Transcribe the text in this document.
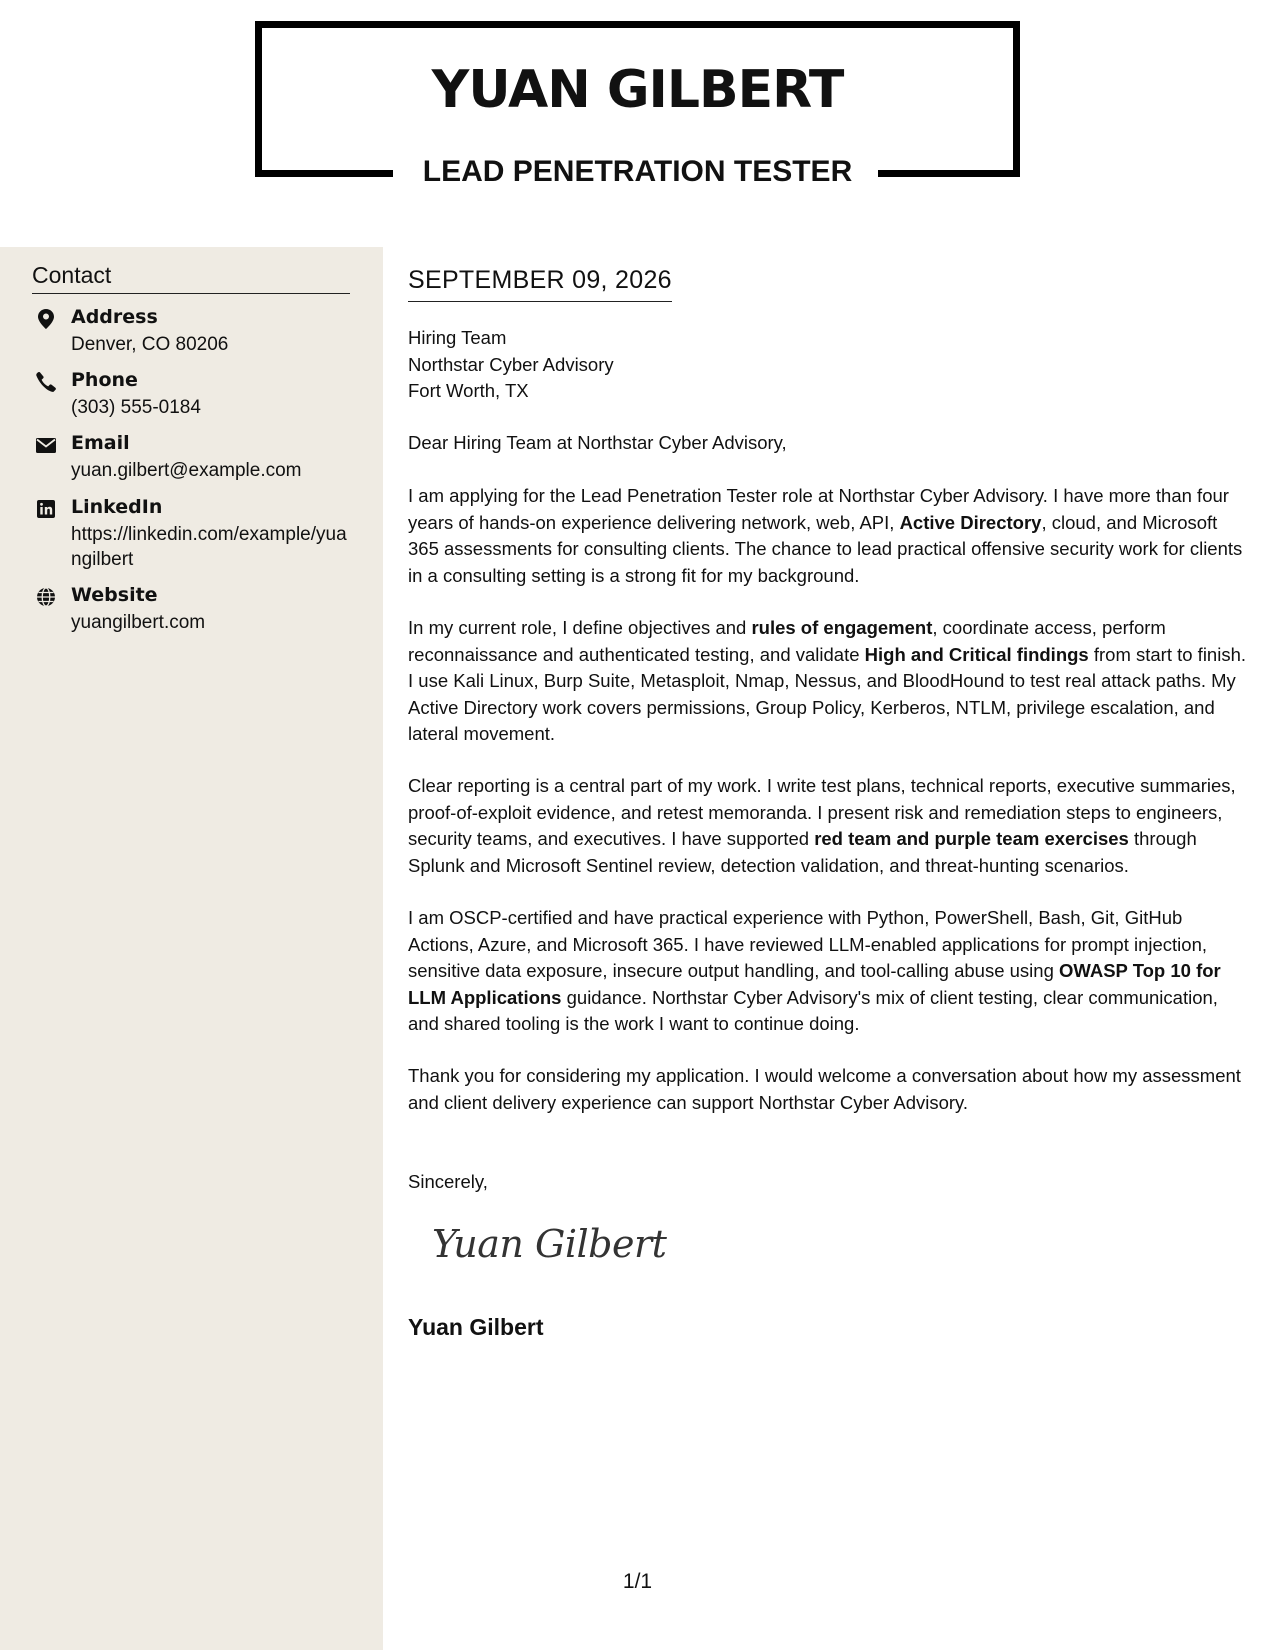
YUAN GILBERT
LEAD PENETRATION TESTER
Contact
Address
Denver, CO 80206
Phone
(303) 555-0184
Email
yuan.gilbert@example.com
LinkedIn
https://linkedin.com/example/yuangilbert
Website
yuangilbert.com
SEPTEMBER 09, 2026
Hiring Team
Northstar Cyber Advisory
Fort Worth, TX

Dear Hiring Team at Northstar Cyber Advisory,

I am applying for the Lead Penetration Tester role at Northstar Cyber Advisory. I have more than four years of hands-on experience delivering network, web, API, Active Directory, cloud, and Microsoft 365 assessments for consulting clients. The chance to lead practical offensive security work for clients in a consulting setting is a strong fit for my background.

In my current role, I define objectives and rules of engagement, coordinate access, perform reconnaissance and authenticated testing, and validate High and Critical findings from start to finish. I use Kali Linux, Burp Suite, Metasploit, Nmap, Nessus, and BloodHound to test real attack paths. My Active Directory work covers permissions, Group Policy, Kerberos, NTLM, privilege escalation, and lateral movement.

Clear reporting is a central part of my work. I write test plans, technical reports, executive summaries, proof-of-exploit evidence, and retest memoranda. I present risk and remediation steps to engineers, security teams, and executives. I have supported red team and purple team exercises through Splunk and Microsoft Sentinel review, detection validation, and threat-hunting scenarios.

I am OSCP-certified and have practical experience with Python, PowerShell, Bash, Git, GitHub Actions, Azure, and Microsoft 365. I have reviewed LLM-enabled applications for prompt injection, sensitive data exposure, insecure output handling, and tool-calling abuse using OWASP Top 10 for LLM Applications guidance. Northstar Cyber Advisory's mix of client testing, clear communication, and shared tooling is the work I want to continue doing.

Thank you for considering my application. I would welcome a conversation about how my assessment and client delivery experience can support Northstar Cyber Advisory.

Sincerely,

Yuan Gilbert
Yuan Gilbert
1/1
